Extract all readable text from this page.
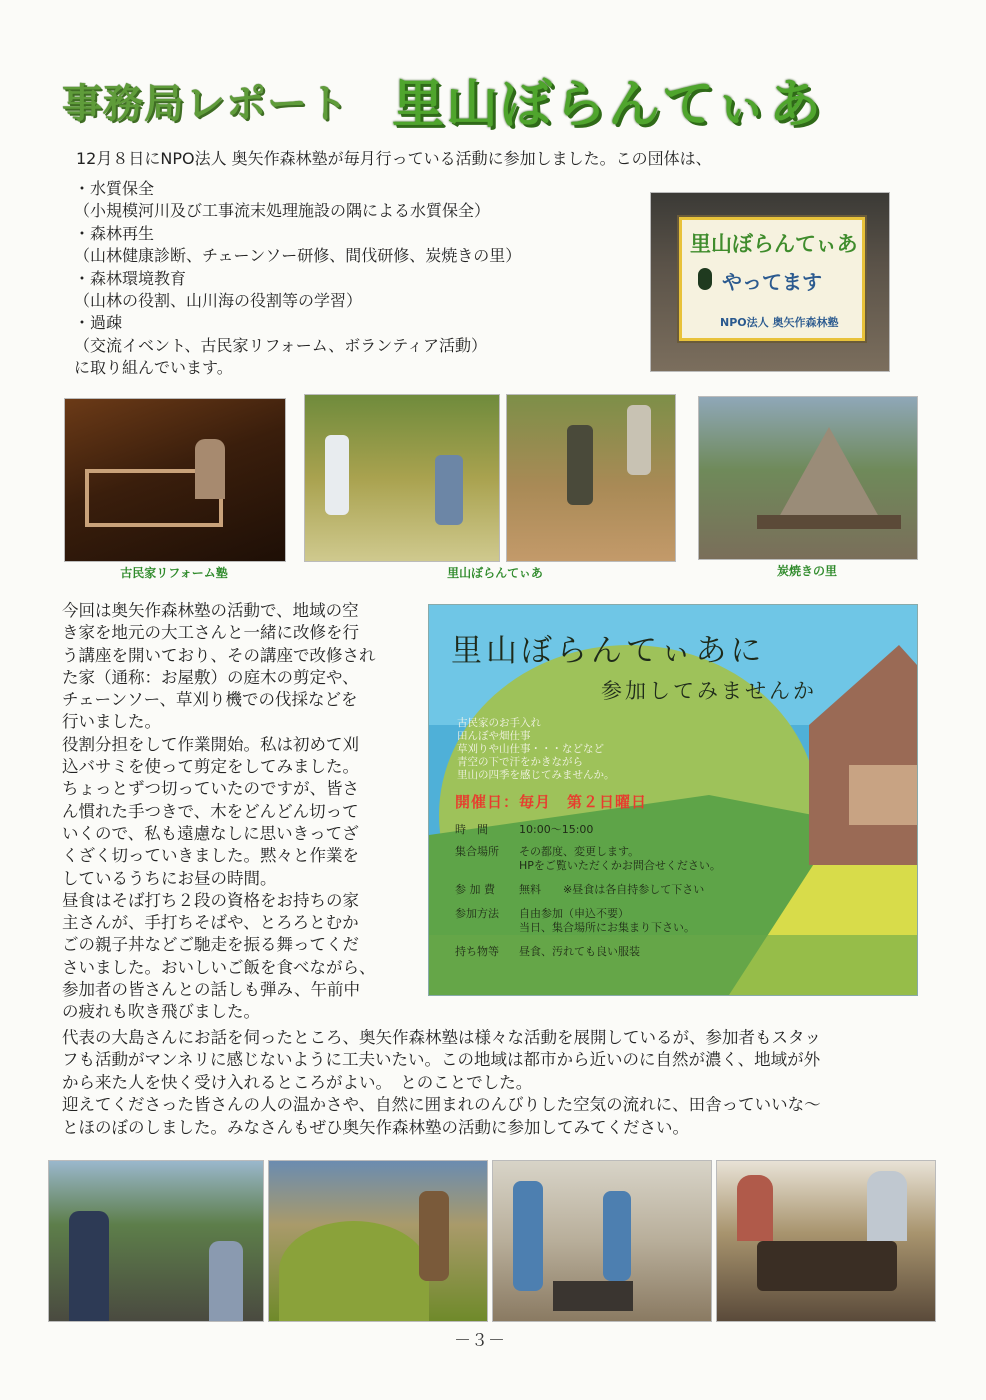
事務局レポート 里山ぼらんてぃあ
12月８日にNPO法人 奥矢作森林塾が毎月行っている活動に参加しました。この団体は、
・水質保全
（小規模河川及び工事流末処理施設の隅による水質保全）
・森林再生
（山林健康診断、チェーンソー研修、間伐研修、炭焼きの里）
・森林環境教育
（山林の役割、山川海の役割等の学習）
・過疎
（交流イベント、古民家リフォーム、ボランティア活動）
に取り組んでいます。
里山ぼらんてぃあ
やってます
NPO法人 奥矢作森林塾
古民家リフォーム塾	里山ぼらんてぃあ	炭焼きの里
今回は奥矢作森林塾の活動で、地域の空
き家を地元の大工さんと一緒に改修を行
う講座を開いており、その講座で改修され
た家（通称：お屋敷）の庭木の剪定や、
チェーンソー、草刈り機での伐採などを
行いました。
役割分担をして作業開始。私は初めて刈
込バサミを使って剪定をしてみました。
ちょっとずつ切っていたのですが、皆さ
ん慣れた手つきで、木をどんどん切って
いくので、私も遠慮なしに思いきってざ
くざく切っていきました。黙々と作業を
しているうちにお昼の時間。
昼食はそば打ち２段の資格をお持ちの家
主さんが、手打ちそばや、とろろとむか
ごの親子丼などご馳走を振る舞ってくだ
さいました。おいしいご飯を食べながら、
参加者の皆さんとの話しも弾み、午前中
の疲れも吹き飛びました。
里山ぼらんてぃあに
参加してみませんか
古民家のお手入れ
田んぼや畑仕事
草刈りや山仕事・・・などなど
青空の下で汗をかきながら
里山の四季を感じてみませんか。
開催日：毎月　第２日曜日
時　間	10:00〜15:00
集合場所 その都度、変更します。
HPをご覧いただくかお問合せください。
参 加 費 無料　　※昼食は各自持参して下さい
参加方法 自由参加（申込不要）
当日、集合場所にお集まり下さい。
持ち物等 昼食、汚れても良い服装
代表の大島さんにお話を伺ったところ、奥矢作森林塾は様々な活動を展開しているが、参加者もスタッ
フも活動がマンネリに感じないように工夫いたい。この地域は都市から近いのに自然が濃く、地域が外
から来た人を快く受け入れるところがよい。　とのことでした。
迎えてくださった皆さんの人の温かさや、自然に囲まれのんびりした空気の流れに、田舎っていいな〜
とほのぼのしました。みなさんもぜひ奥矢作森林塾の活動に参加してみてください。
－３－
